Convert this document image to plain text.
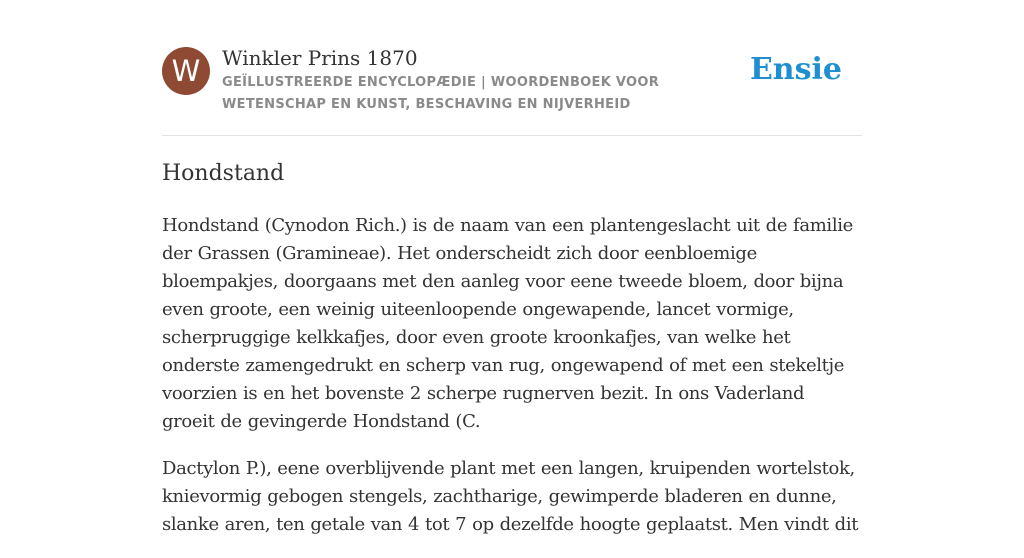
W	Winkler Prins 1870
GEÏLLUSTREERDE ENCYCLOPÆDIE | WOORDENBOEK VOOR WETENSCHAP EN KUNST, BESCHAVING EN NIJVERHEID
Ensie
Hondstand

Hondstand (Cynodon Rich.) is de naam van een plantengeslacht uit de familie der Grassen (Gramineae). Het onderscheidt zich door eenbloemige bloempakjes, doorgaans met den aanleg voor eene tweede bloem, door bijna even groote, een weinig uiteenloopende ongewapende, lancet vormige, scherpruggige kelkkafjes, door even groote kroonkafjes, van welke het onderste zamengedrukt en scherp van rug, ongewapend of met een stekeltje voorzien is en het bovenste 2 scherpe rugnerven bezit. In ons Vaderland groeit de gevingerde Hondstand (C.

Dactylon P.), eene overblijvende plant met een langen, kruipenden wortelstok, knievormig gebogen stengels, zachtharige, gewimperde bladeren en dunne, slanke aren, ten getale van 4 tot 7 op dezelfde hoogte geplaatst. Men vindt dit
